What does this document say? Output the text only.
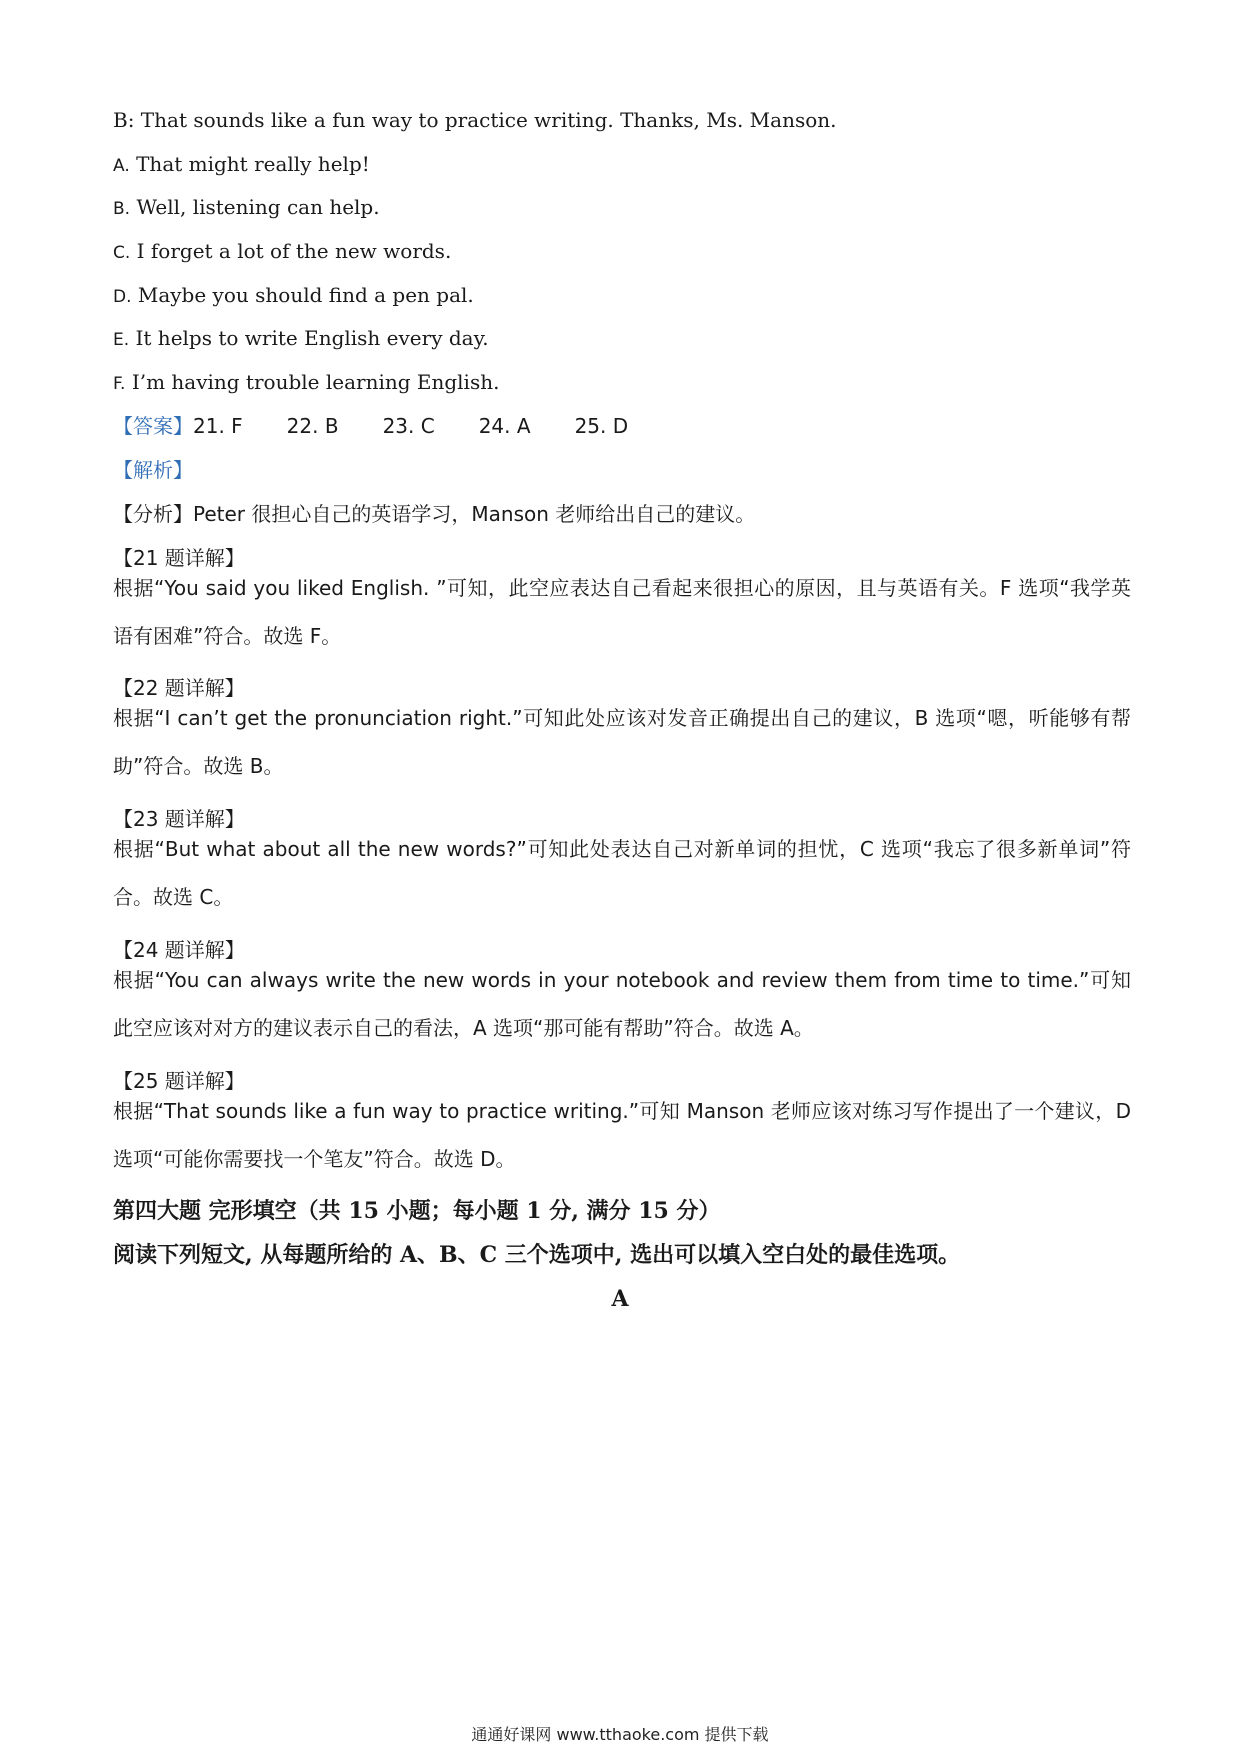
B: That sounds like a fun way to practice writing. Thanks, Ms. Manson.
A. That might really help!
B. Well, listening can help.
C. I forget a lot of the new words.
D. Maybe you should find a pen pal.
E. It helps to write English every day.
F. I’m having trouble learning English.
【答案】21. F 22. B 23. C 24. A 25. D
【解析】
【分析】Peter 很担心自己的英语学习，Manson 老师给出自己的建议。
【21 题详解】
根据“You said you liked English. ”可知，此空应表达自己看起来很担心的原因，且与英语有关。F 选项“我学英语有困难”符合。故选 F。
【22 题详解】
根据“I can’t get the pronunciation right.”可知此处应该对发音正确提出自己的建议，B 选项“嗯，听能够有帮助”符合。故选 B。
【23 题详解】
根据“But what about all the new words?”可知此处表达自己对新单词的担忧，C 选项“我忘了很多新单词”符合。故选 C。
【24 题详解】
根据“You can always write the new words in your notebook and review them from time to time.”可知此空应该对对方的建议表示自己的看法，A 选项“那可能有帮助”符合。故选 A。
【25 题详解】
根据“That sounds like a fun way to practice writing.”可知 Manson 老师应该对练习写作提出了一个建议，D 选项“可能你需要找一个笔友”符合。故选 D。
第四大题 完形填空（共 15 小题；每小题 1 分, 满分 15 分）
阅读下列短文, 从每题所给的 A、B、C 三个选项中, 选出可以填入空白处的最佳选项。
A
通通好课网 www.tthaoke.com 提供下载
